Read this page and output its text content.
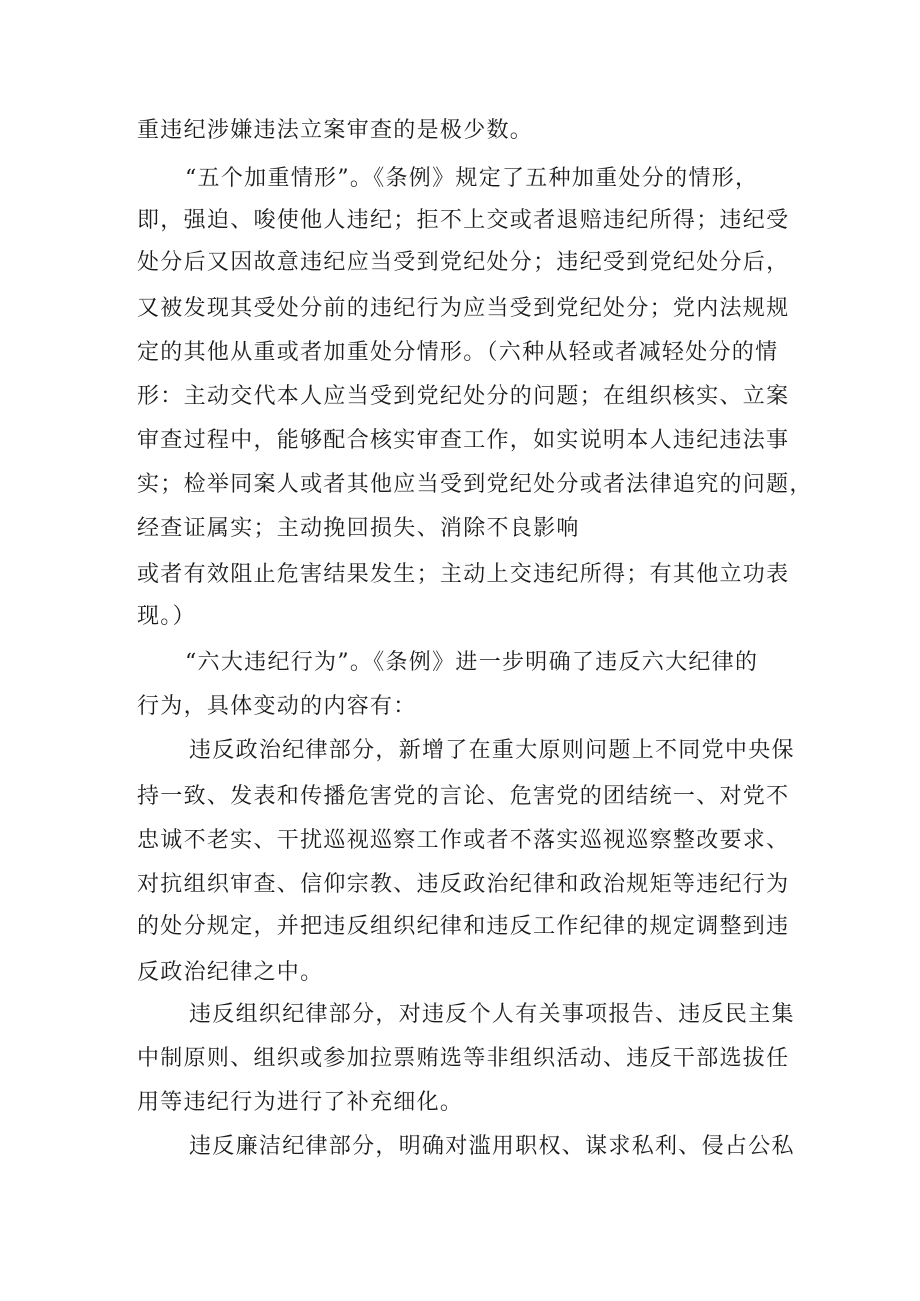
重违纪涉嫌违法立案审查的是极少数。

“五个加重情形”。《条例》规定了五种加重处分的情形，

即，强迫、唆使他人违纪；拒不上交或者退赔违纪所得；违纪受

处分后又因故意违纪应当受到党纪处分；违纪受到党纪处分后，

又被发现其受处分前的违纪行为应当受到党纪处分；党内法规规

定的其他从重或者加重处分情形。（六种从轻或者减轻处分的情

形：主动交代本人应当受到党纪处分的问题；在组织核实、立案

审查过程中，能够配合核实审查工作，如实说明本人违纪违法事

实；检举同案人或者其他应当受到党纪处分或者法律追究的问题，

经查证属实；主动挽回损失、消除不良影响

或者有效阻止危害结果发生；主动上交违纪所得；有其他立功表

现。）

“六大违纪行为”。《条例》进一步明确了违反六大纪律的

行为，具体变动的内容有：

违反政治纪律部分，新增了在重大原则问题上不同党中央保

持一致、发表和传播危害党的言论、危害党的团结统一、对党不

忠诚不老实、干扰巡视巡察工作或者不落实巡视巡察整改要求、

对抗组织审查、信仰宗教、违反政治纪律和政治规矩等违纪行为

的处分规定，并把违反组织纪律和违反工作纪律的规定调整到违

反政治纪律之中。

违反组织纪律部分，对违反个人有关事项报告、违反民主集

中制原则、组织或参加拉票贿选等非组织活动、违反干部选拔任

用等违纪行为进行了补充细化。

违反廉洁纪律部分，明确对滥用职权、谋求私利、侵占公私
